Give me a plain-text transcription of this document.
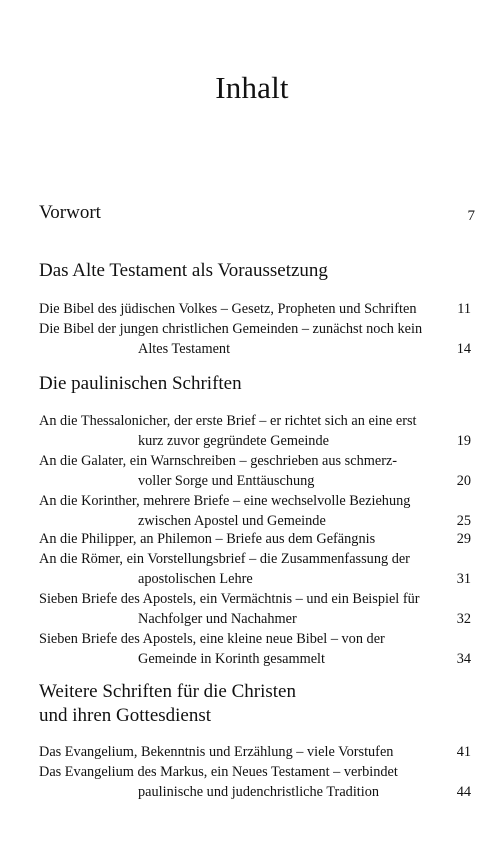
Inhalt
Vorwort	7
Das Alte Testament als Voraussetzung
Die Bibel des jüdischen Volkes – Gesetz, Propheten und Schriften	11
Die Bibel der jungen christlichen Gemeinden – zunächst noch kein
Altes Testament	14
Die paulinischen Schriften
An die Thessalonicher, der erste Brief – er richtet sich an eine erst
kurz zuvor gegründete Gemeinde	19
An die Galater, ein Warnschreiben – geschrieben aus schmerz-
voller Sorge und Enttäuschung	20
An die Korinther, mehrere Briefe – eine wechselvolle Beziehung
zwischen Apostel und Gemeinde	25
An die Philipper, an Philemon – Briefe aus dem Gefängnis	29
An die Römer, ein Vorstellungsbrief – die Zusammenfassung der
apostolischen Lehre	31
Sieben Briefe des Apostels, ein Vermächtnis – und ein Beispiel für
Nachfolger und Nachahmer	32
Sieben Briefe des Apostels, eine kleine neue Bibel – von der
Gemeinde in Korinth gesammelt	34
Weitere Schriften für die Christen
und ihren Gottesdienst
Das Evangelium, Bekenntnis und Erzählung – viele Vorstufen	41
Das Evangelium des Markus, ein Neues Testament – verbindet
paulinische und judenchristliche Tradition	44
